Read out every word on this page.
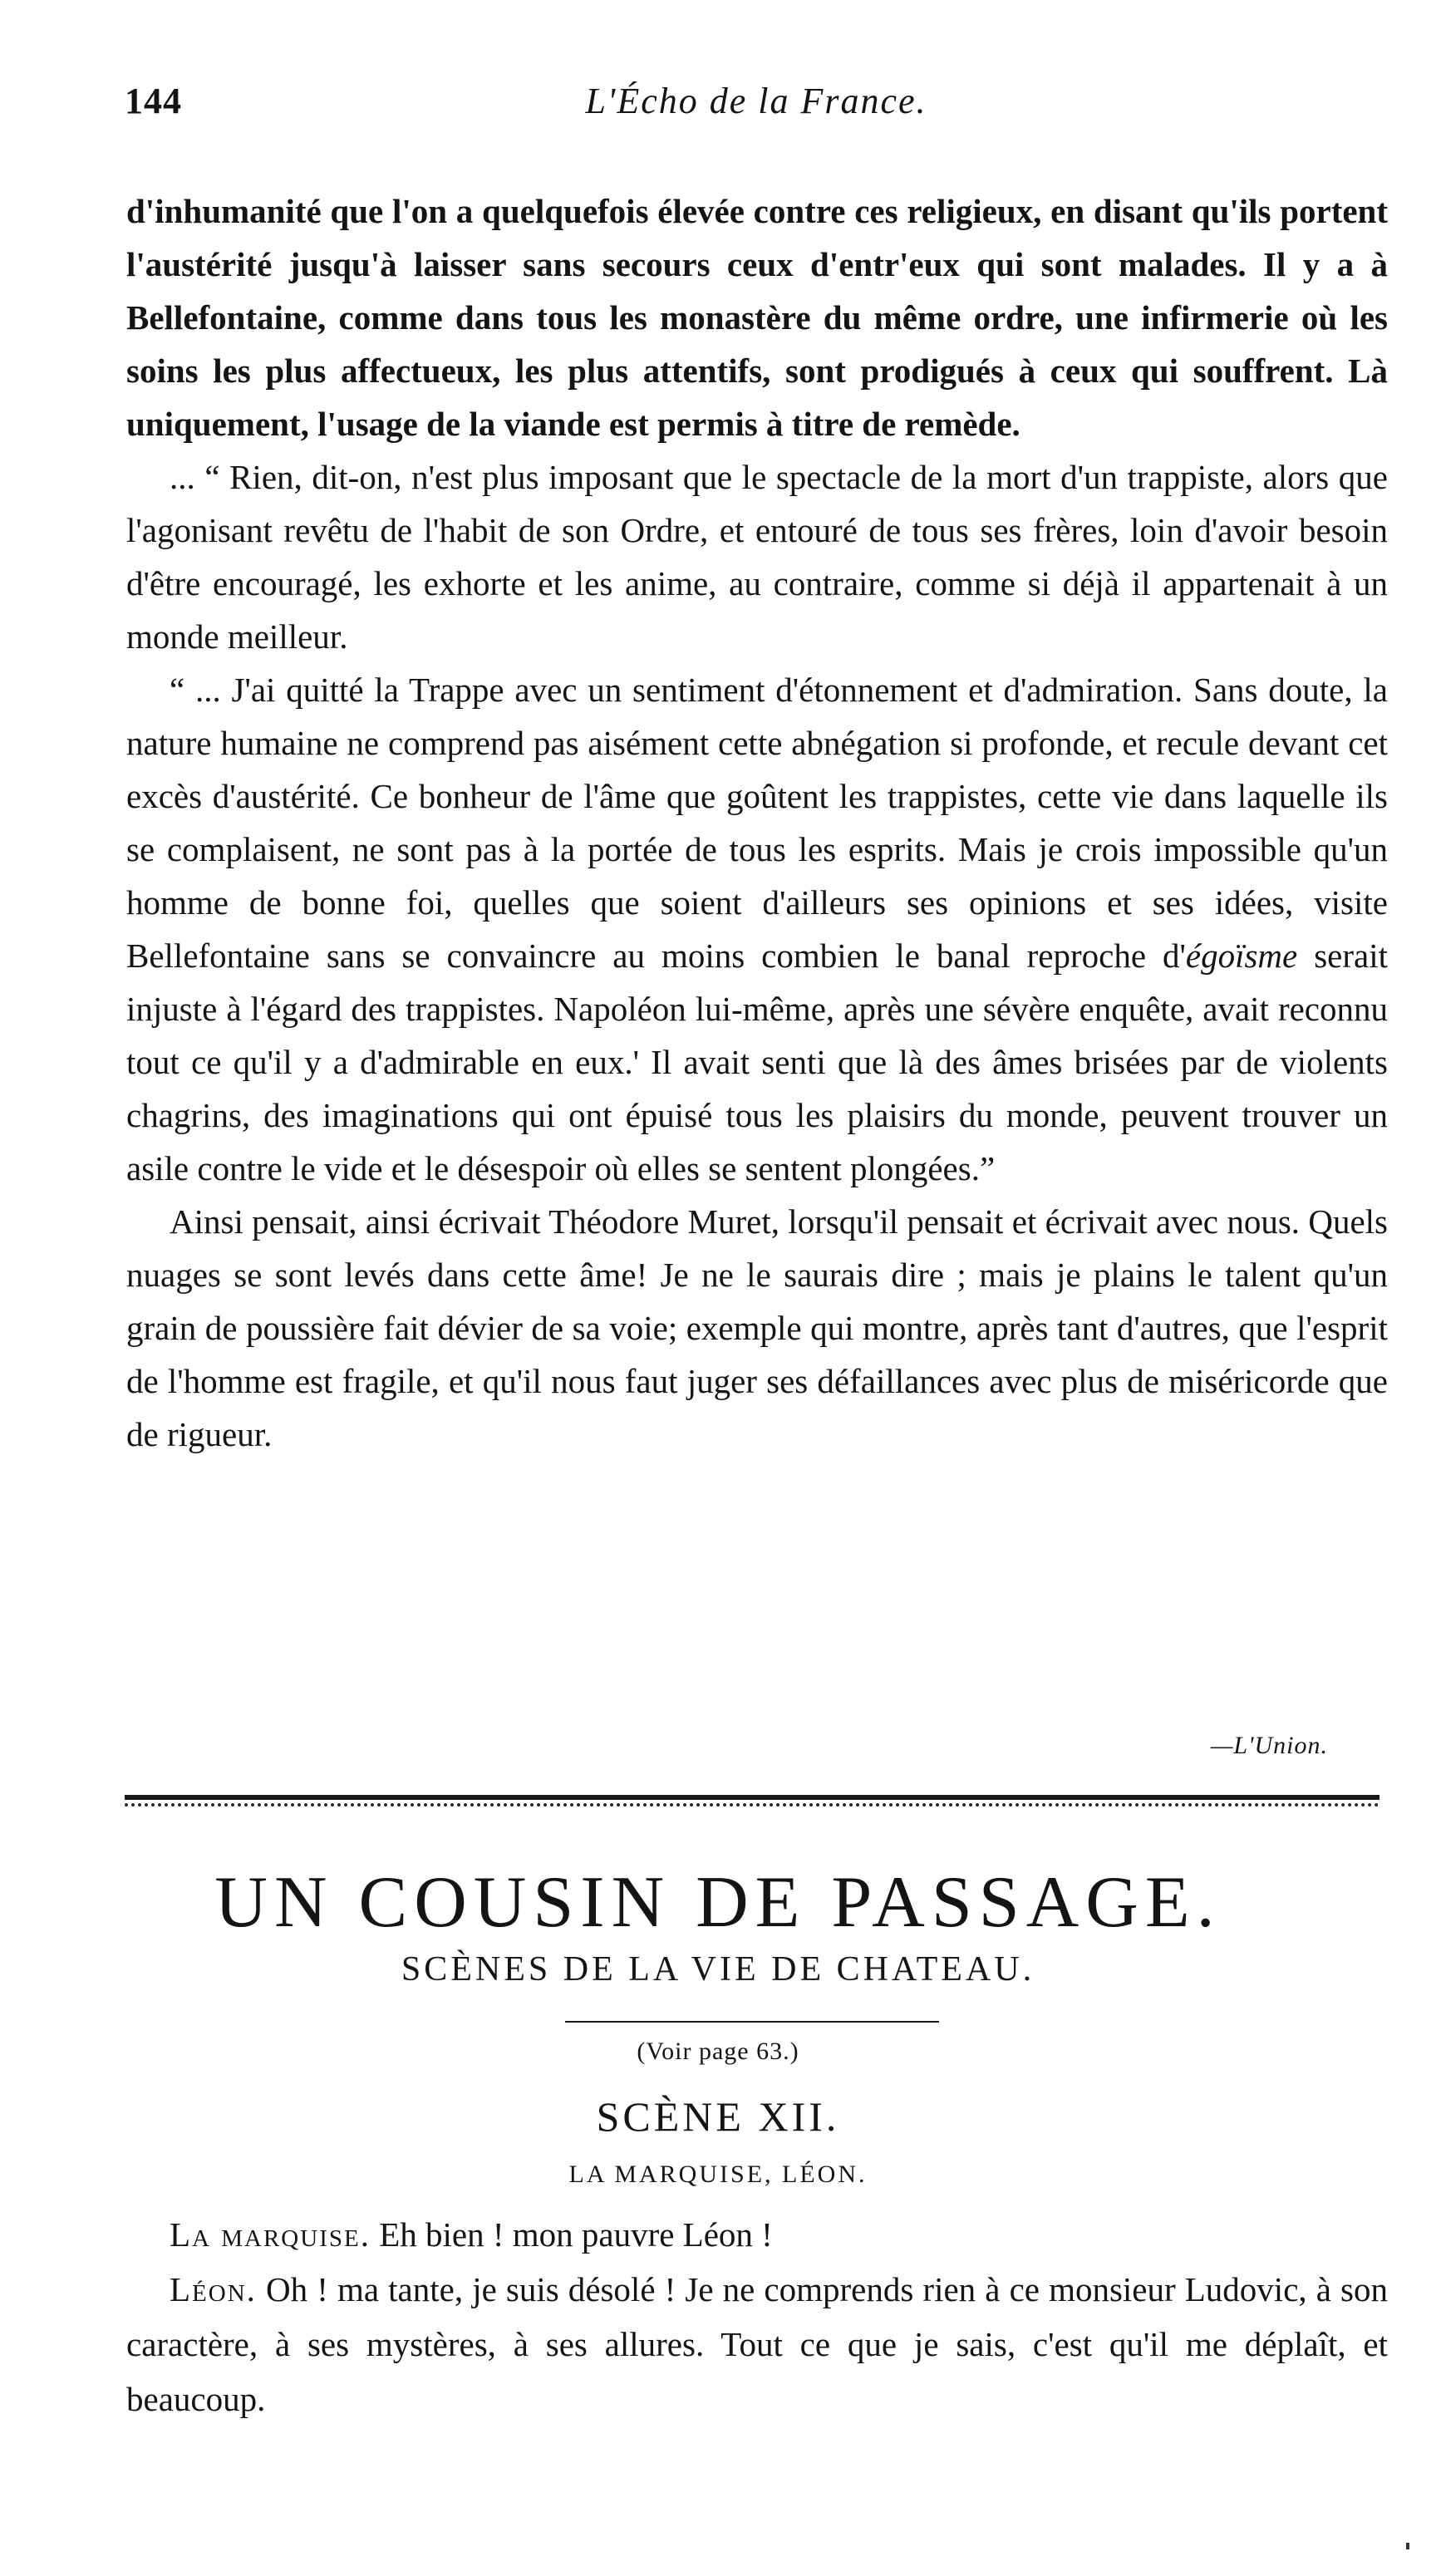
144	L'Écho de la France.

d'inhumanité que l'on a quelquefois élevée contre ces religieux, en disant qu'ils portent l'austérité jusqu'à laisser sans secours ceux d'entr'eux qui sont malades. Il y a à Bellefontaine, comme dans tous les monastère du même ordre, une infirmerie où les soins les plus affectueux, les plus attentifs, sont prodigués à ceux qui souffrent. Là uniquement, l'usage de la viande est permis à titre de remède.

... “ Rien, dit-on, n'est plus imposant que le spectacle de la mort d'un trappiste, alors que l'agonisant revêtu de l'habit de son Ordre, et entouré de tous ses frères, loin d'avoir besoin d'être encouragé, les exhorte et les anime, au contraire, comme si déjà il appartenait à un monde meilleur.

“ ... J'ai quitté la Trappe avec un sentiment d'étonnement et d'admiration. Sans doute, la nature humaine ne comprend pas aisément cette abnégation si profonde, et recule devant cet excès d'austérité. Ce bonheur de l'âme que goûtent les trappistes, cette vie dans laquelle ils se complaisent, ne sont pas à la portée de tous les esprits. Mais je crois impossible qu'un homme de bonne foi, quelles que soient d'ailleurs ses opinions et ses idées, visite Bellefontaine sans se convaincre au moins combien le banal reproche d'égoïsme serait injuste à l'égard des trappistes. Napoléon lui-même, après une sévère enquête, avait reconnu tout ce qu'il y a d'admirable en eux.' Il avait senti que là des âmes brisées par de violents chagrins, des imaginations qui ont épuisé tous les plaisirs du monde, peuvent trouver un asile contre le vide et le désespoir où elles se sentent plongées.”

Ainsi pensait, ainsi écrivait Théodore Muret, lorsqu'il pensait et écrivait avec nous. Quels nuages se sont levés dans cette âme! Je ne le saurais dire ; mais je plains le talent qu'un grain de poussière fait dévier de sa voie; exemple qui montre, après tant d'autres, que l'esprit de l'homme est fragile, et qu'il nous faut juger ses défaillances avec plus de miséricorde que de rigueur.

—L'Union.
UN COUSIN DE PASSAGE.
SCÈNES DE LA VIE DE CHATEAU.
(Voir page 63.)
SCÈNE XII.
LA MARQUISE, LÉON.

La marquise. Eh bien ! mon pauvre Léon !

Léon. Oh ! ma tante, je suis désolé ! Je ne comprends rien à ce monsieur Ludovic, à son caractère, à ses mystères, à ses allures. Tout ce que je sais, c'est qu'il me déplaît, et beaucoup.
